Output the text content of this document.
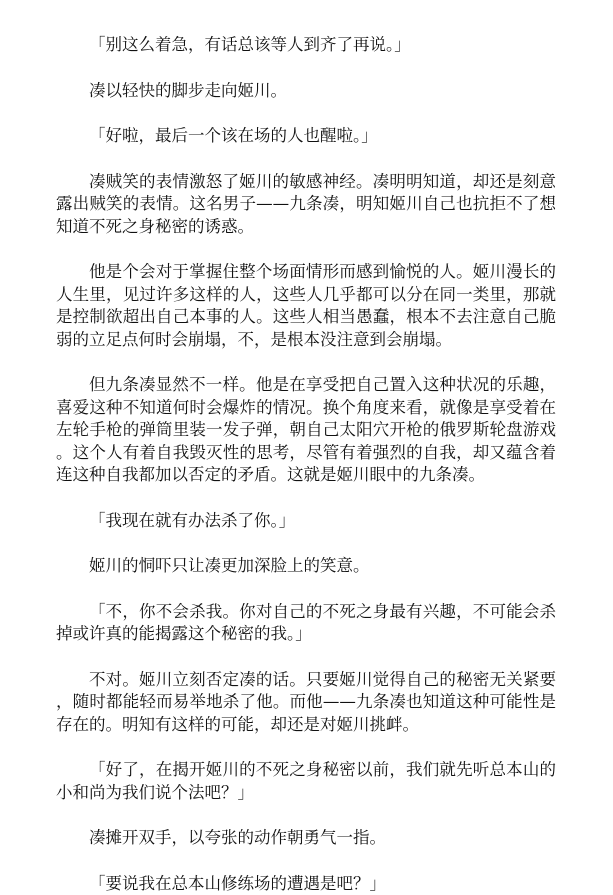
「别这么着急，有话总该等人到齐了再说。」

凑以轻快的脚步走向姬川。

「好啦，最后一个该在场的人也醒啦。」

凑贼笑的表情激怒了姬川的敏感神经。凑明明知道，却还是刻意露出贼笑的表情。这名男子——九条凑，明知姬川自己也抗拒不了想知道不死之身秘密的诱惑。

他是个会对于掌握住整个场面情形而感到愉悦的人。姬川漫长的人生里，见过许多这样的人，这些人几乎都可以分在同一类里，那就是控制欲超出自己本事的人。这些人相当愚蠢，根本不去注意自己脆弱的立足点何时会崩塌，不，是根本没注意到会崩塌。

但九条凑显然不一样。他是在享受把自己置入这种状况的乐趣，喜爱这种不知道何时会爆炸的情况。换个角度来看，就像是享受着在左轮手枪的弹筒里装一发子弹，朝自己太阳穴开枪的俄罗斯轮盘游戏。这个人有着自我毁灭性的思考，尽管有着强烈的自我，却又蕴含着连这种自我都加以否定的矛盾。这就是姬川眼中的九条凑。

「我现在就有办法杀了你。」

姬川的恫吓只让凑更加深脸上的笑意。

「不，你不会杀我。你对自己的不死之身最有兴趣，不可能会杀掉或许真的能揭露这个秘密的我。」

不对。姬川立刻否定凑的话。只要姬川觉得自己的秘密无关紧要，随时都能轻而易举地杀了他。而他——九条凑也知道这种可能性是存在的。明知有这样的可能，却还是对姬川挑衅。

「好了，在揭开姬川的不死之身秘密以前，我们就先听总本山的小和尚为我们说个法吧？」

凑摊开双手，以夸张的动作朝勇气一指。

「要说我在总本山修练场的遭遇是吧？」
